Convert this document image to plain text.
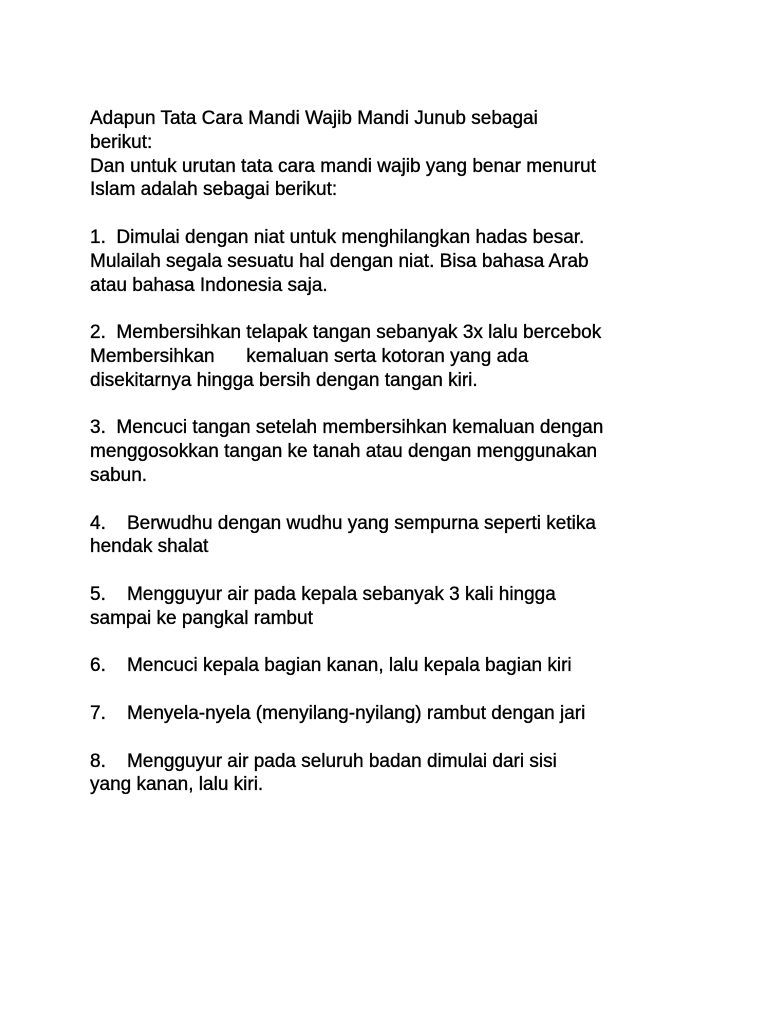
Adapun Tata Cara Mandi Wajib Mandi Junub sebagai
berikut:
Dan untuk urutan tata cara mandi wajib yang benar menurut
Islam adalah sebagai berikut:
1.  Dimulai dengan niat untuk menghilangkan hadas besar.
Mulailah segala sesuatu hal dengan niat. Bisa bahasa Arab
atau bahasa Indonesia saja.
2.  Membersihkan telapak tangan sebanyak 3x lalu bercebok
Membersihkan      kemaluan serta kotoran yang ada
disekitarnya hingga bersih dengan tangan kiri.
3.  Mencuci tangan setelah membersihkan kemaluan dengan
menggosokkan tangan ke tanah atau dengan menggunakan
sabun.
4.    Berwudhu dengan wudhu yang sempurna seperti ketika
hendak shalat
5.    Mengguyur air pada kepala sebanyak 3 kali hingga
sampai ke pangkal rambut
6.    Mencuci kepala bagian kanan, lalu kepala bagian kiri
7.    Menyela-nyela (menyilang-nyilang) rambut dengan jari
8.    Mengguyur air pada seluruh badan dimulai dari sisi
yang kanan, lalu kiri.
